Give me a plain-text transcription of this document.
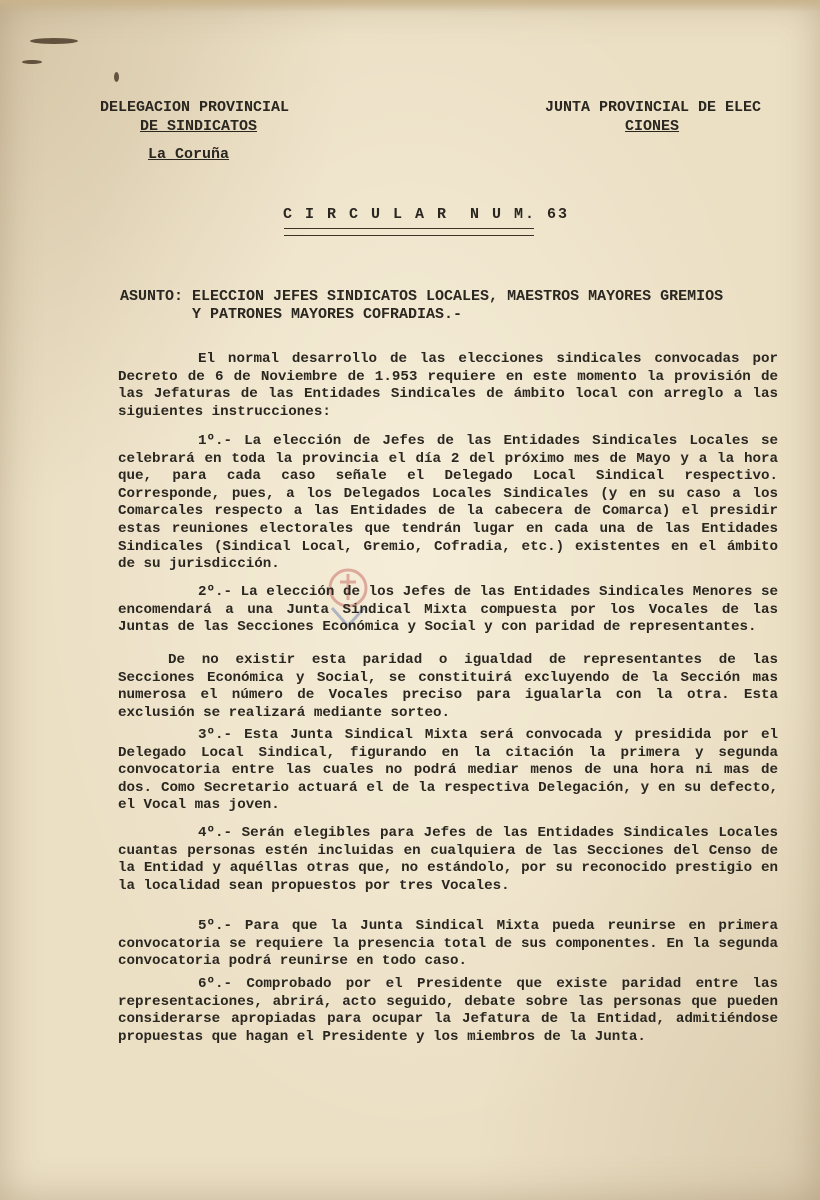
DELEGACION PROVINCIAL
DE SINDICATOS
JUNTA PROVINCIAL DE ELEC
CIONES
La Coruña
C I R C U L A R  N U M. 63
ASUNTO: ELECCION JEFES SINDICATOS LOCALES, MAESTROS MAYORES GREMIOS
Y PATRONES MAYORES COFRADIAS.-

El normal desarrollo de las elecciones sindicales convocadas por Decreto de 6 de Noviembre de 1.953 requiere en este momento la provisión de las Jefaturas de las Entidades Sindicales de ámbito local con arreglo a las siguientes instrucciones:

1º.- La elección de Jefes de las Entidades Sindicales Locales se celebrará en toda la provincia el día 2 del próximo mes de Mayo y a la hora que, para cada caso señale el Delegado Local Sindical respectivo. Corresponde, pues, a los Delegados Locales Sindicales (y en su caso a los Comarcales respecto a las Entidades de la cabecera de Comarca) el presidir estas reuniones electorales que tendrán lugar en cada una de las Entidades Sindicales (Sindical Local, Gremio, Cofradia, etc.) existentes en el ámbito de su jurisdicción.

2º.- La elección de los Jefes de las Entidades Sindicales Menores se encomendará a una Junta Sindical Mixta compuesta por los Vocales de las Juntas de las Secciones Económica y Social y con paridad de representantes.

De no existir esta paridad o igualdad de representantes de las Secciones Económica y Social, se constituirá excluyendo de la Sección mas numerosa el número de Vocales preciso para igualarla con la otra. Esta exclusión se realizará mediante sorteo.

3º.- Esta Junta Sindical Mixta será convocada y presidida por el Delegado Local Sindical, figurando en la citación la primera y segunda convocatoria entre las cuales no podrá mediar menos de una hora ni mas de dos. Como Secretario actuará el de la respectiva Delegación, y en su defecto, el Vocal mas joven.

4º.- Serán elegibles para Jefes de las Entidades Sindicales Locales cuantas personas estén incluidas en cualquiera de las Secciones del Censo de la Entidad y aquéllas otras que, no estándolo, por su reconocido prestigio en la localidad sean propuestos por tres Vocales.

5º.- Para que la Junta Sindical Mixta pueda reunirse en primera convocatoria se requiere la presencia total de sus componentes. En la segunda convocatoria podrá reunirse en todo caso.

6º.- Comprobado por el Presidente que existe paridad entre las representaciones, abrirá, acto seguido, debate sobre las personas que pueden considerarse apropiadas para ocupar la Jefatura de la Entidad, admitiéndose propuestas que hagan el Presidente y los miembros de la Junta.
